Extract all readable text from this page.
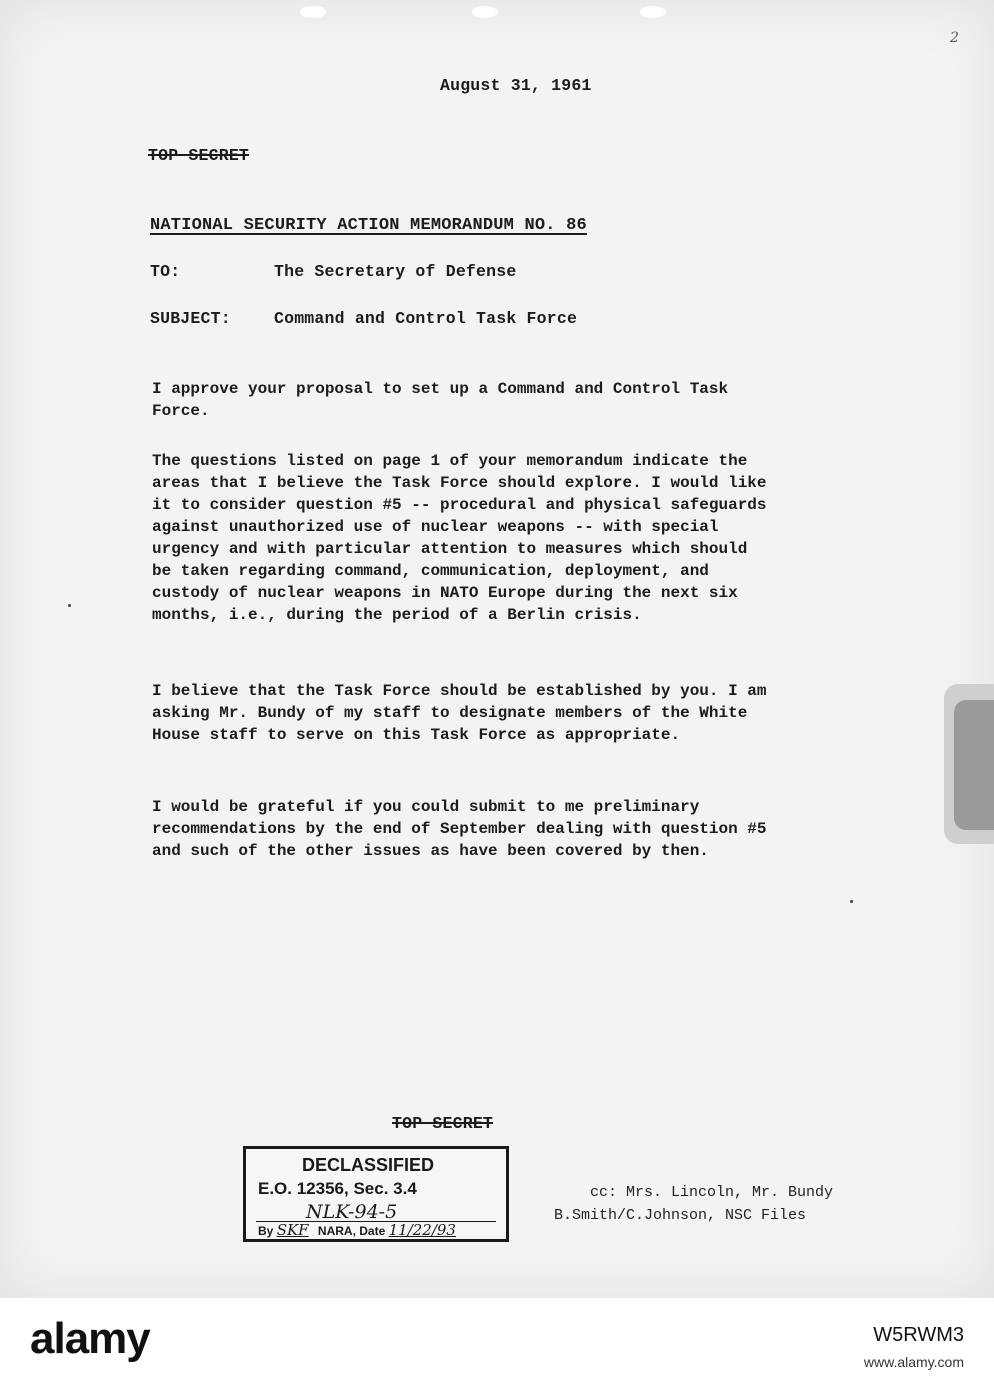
2
August 31, 1961
TOP SECRET
NATIONAL SECURITY ACTION MEMORANDUM NO. 86
TO:	The Secretary of Defense
SUBJECT:	Command and Control Task Force

I approve your proposal to set up a Command and Control Task Force.

The questions listed on page 1 of your memorandum indicate the areas that I believe the Task Force should explore. I would like it to consider question #5 -- procedural and physical safeguards against unauthorized use of nuclear weapons -- with special urgency and with particular attention to measures which should be taken regarding command, communication, deployment, and custody of nuclear weapons in NATO Europe during the next six months, i.e., during the period of a Berlin crisis.

I believe that the Task Force should be established by you. I am asking Mr. Bundy of my staff to designate members of the White House staff to serve on this Task Force as appropriate.

I would be grateful if you could submit to me preliminary recommendations by the end of September dealing with question #5 and such of the other issues as have been covered by then.

TOP SECRET
DECLASSIFIED
E.O. 12356, Sec. 3.4
NLK-94-5
By SKF NARA, Date 11/22/93
cc: Mrs. Lincoln, Mr. Bundy
B.Smith/C.Johnson, NSC Files
alamy	W5RWM3
www.alamy.com
